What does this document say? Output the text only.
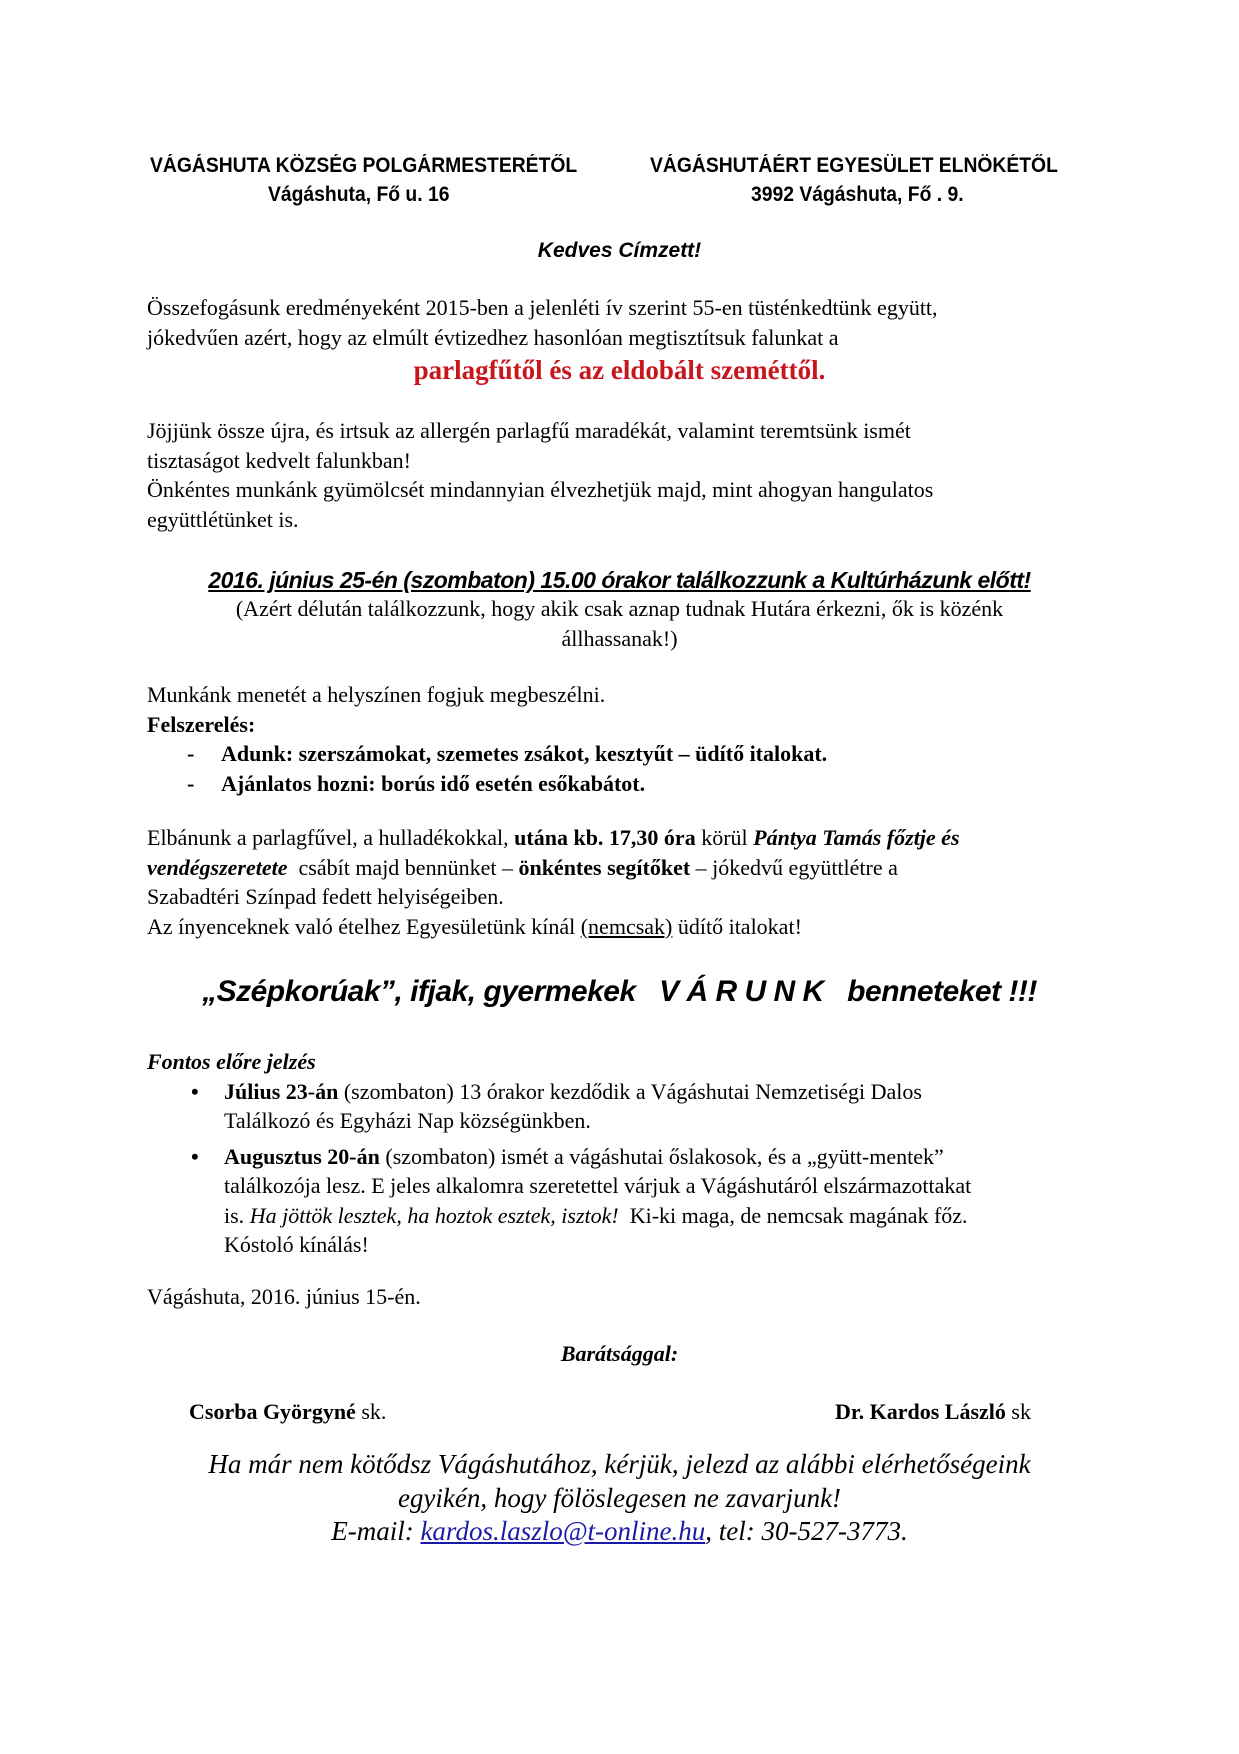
VÁGÁSHUTA KÖZSÉG POLGÁRMESTERÉTŐL
Vágáshuta, Fő u. 16
VÁGÁSHUTÁÉRT EGYESÜLET ELNÖKÉTŐL
3992 Vágáshuta, Fő . 9.
Kedves Címzett!
Összefogásunk eredményeként 2015-ben a jelenléti ív szerint 55-en tüsténkedtünk együtt,
jókedvűen azért, hogy az elmúlt évtizedhez hasonlóan megtisztítsuk falunkat a
parlagfűtől és az eldobált szeméttől.
Jöjjünk össze újra, és irtsuk az allergén parlagfű maradékát, valamint teremtsünk ismét
tisztaságot kedvelt falunkban!
Önkéntes munkánk gyümölcsét mindannyian élvezhetjük majd, mint ahogyan hangulatos
együttlétünket is.
2016. június 25-én (szombaton) 15.00 órakor találkozzunk a Kultúrházunk előtt!
(Azért délután találkozzunk, hogy akik csak aznap tudnak Hutára érkezni, ők is közénk
állhassanak!)
Munkánk menetét a helyszínen fogjuk megbeszélni.
Felszerelés:
- Adunk: szerszámokat, szemetes zsákot, kesztyűt – üdítő italokat.
- Ajánlatos hozni: borús idő esetén esőkabátot.
Elbánunk a parlagfűvel, a hulladékokkal, utána kb. 17,30 óra körül Pántya Tamás főztje és
vendégszeretete  csábít majd bennünket – önkéntes segítőket – jókedvű együttlétre a
Szabadtéri Színpad fedett helyiségeiben.
Az ínyenceknek való ételhez Egyesületünk kínál (nemcsak) üdítő italokat!
„Szépkorúak”, ifjak, gyermekek   V Á R U N K   benneteket !!!
Fontos előre jelzés
• Július 23-án (szombaton) 13 órakor kezdődik a Vágáshutai Nemzetiségi Dalos
Találkozó és Egyházi Nap községünkben.
• Augusztus 20-án (szombaton) ismét a vágáshutai őslakosok, és a „gyütt-mentek”
találkozója lesz. E jeles alkalomra szeretettel várjuk a Vágáshutáról elszármazottakat
is. Ha jöttök lesztek, ha hoztok esztek, isztok!  Ki-ki maga, de nemcsak magának főz.
Kóstoló kínálás!
Vágáshuta, 2016. június 15-én.
Barátsággal:
Csorba Györgyné sk.	Dr. Kardos László sk
Ha már nem kötődsz Vágáshutához, kérjük, jelezd az alábbi elérhetőségeink
egyikén, hogy fölöslegesen ne zavarjunk!
E-mail: kardos.laszlo@t-online.hu, tel: 30-527-3773.
